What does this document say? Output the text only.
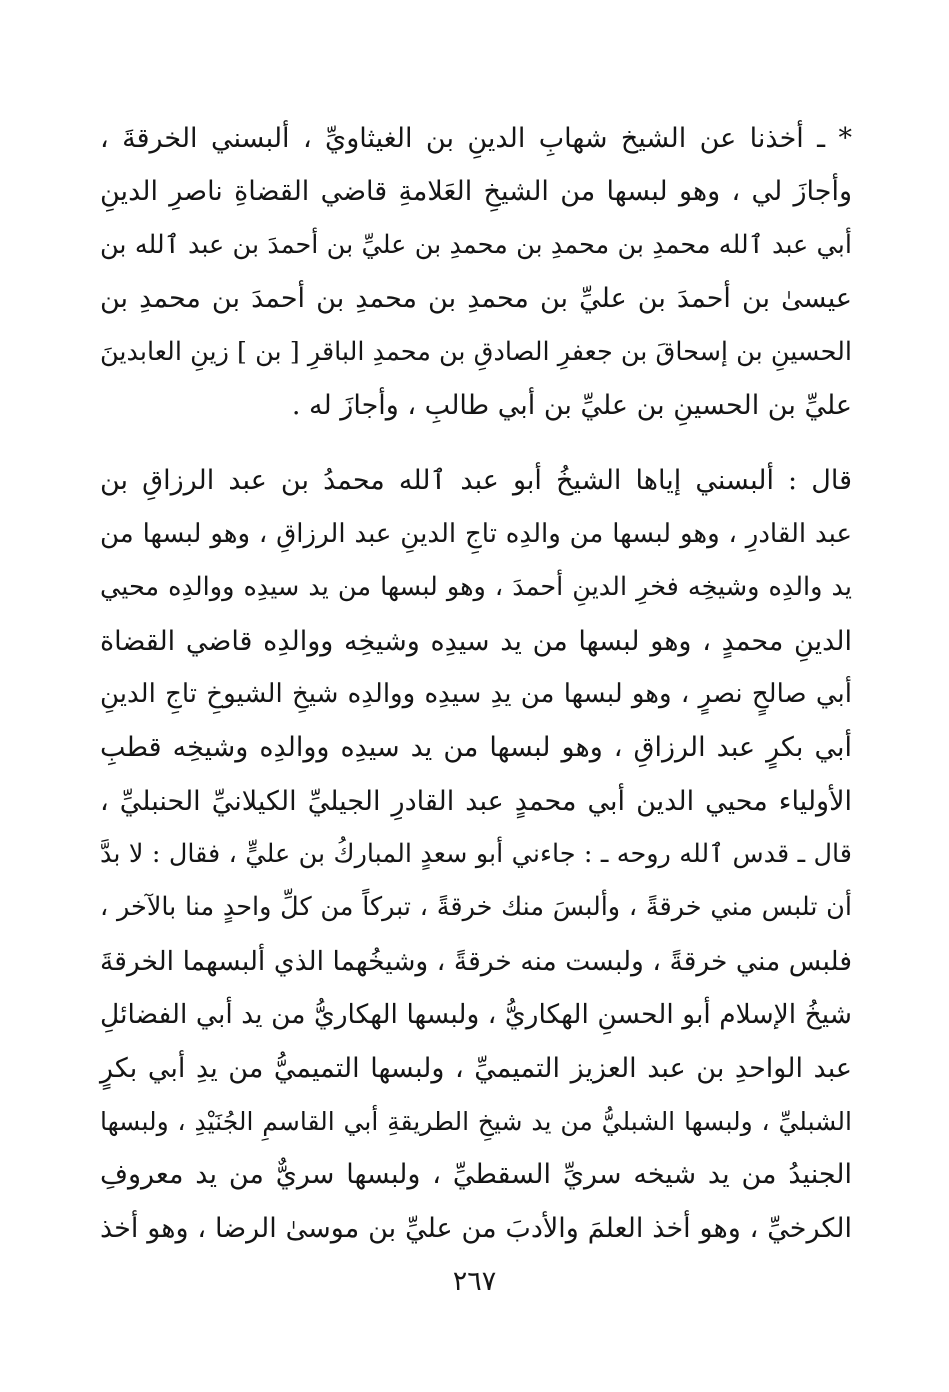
* ـ أخذنا عن الشيخ شهابِ الدينِ بن الغيثاويِّ ، ألبسني الخرقةَ ،
وأجازَ لي ، وهو لبسها من الشيخِ العَلامةِ قاضي القضاةِ ناصرِ الدينِ
أبي عبد ٱلله محمدِ بن محمدِ بن محمدِ بن عليِّ بن أحمدَ بن عبد ٱلله بن
عيسىٰ بن أحمدَ بن عليِّ بن محمدِ بن محمدِ بن أحمدَ بن محمدِ بن
الحسينِ بن إسحاقَ بن جعفرِ الصادقِ بن محمدِ الباقرِ [ بن ] زينِ العابدينَ
عليِّ بن الحسينِ بن عليِّ بن أبي طالبِ ، وأجازَ له .
قال : ألبسني إياها الشيخُ أبو عبد ٱلله محمدُ بن عبد الرزاقِ بن
عبد القادرِ ، وهو لبسها من والدِه تاجِ الدينِ عبد الرزاقِ ، وهو لبسها من
يد والدِه وشيخِه فخرِ الدينِ أحمدَ ، وهو لبسها من يد سيدِه ووالدِه محيي
الدينِ محمدٍ ، وهو لبسها من يد سيدِه وشيخِه ووالدِه قاضي القضاة
أبي صالحٍ نصرٍ ، وهو لبسها من يدِ سيدِه ووالدِه شيخِ الشيوخِ تاجِ الدينِ
أبي بكرٍ عبد الرزاقِ ، وهو لبسها من يد سيدِه ووالدِه وشيخِه قطبِ
الأولياء محيي الدين أبي محمدٍ عبد القادرِ الجيليِّ الكيلانيِّ الحنبليِّ ،
قال ـ قدس ٱلله روحه ـ : جاءني أبو سعدٍ المباركُ بن عليٍّ ، فقال : لا بدَّ
أن تلبس مني خرقةً ، وألبسَ منك خرقةً ، تبركاً من كلِّ واحدٍ منا بالآخر ،
فلبس مني خرقةً ، ولبست منه خرقةً ، وشيخُهما الذي ألبسهما الخرقةَ
شيخُ الإسلام أبو الحسنِ الهكاريُّ ، ولبسها الهكاريُّ من يد أبي الفضائلِ
عبد الواحدِ بن عبد العزيز التميميِّ ، ولبسها التميميُّ من يدِ أبي بكرٍ
الشبليِّ ، ولبسها الشبليُّ من يد شيخِ الطريقةِ أبي القاسمِ الجُنَيْدِ ، ولبسها
الجنيدُ من يد شيخه سريِّ السقطيِّ ، ولبسها سريٌّ من يد معروفِ
الكرخيِّ ، وهو أخذ العلمَ والأدبَ من عليِّ بن موسىٰ الرضا ، وهو أخذ
٢٦٧
